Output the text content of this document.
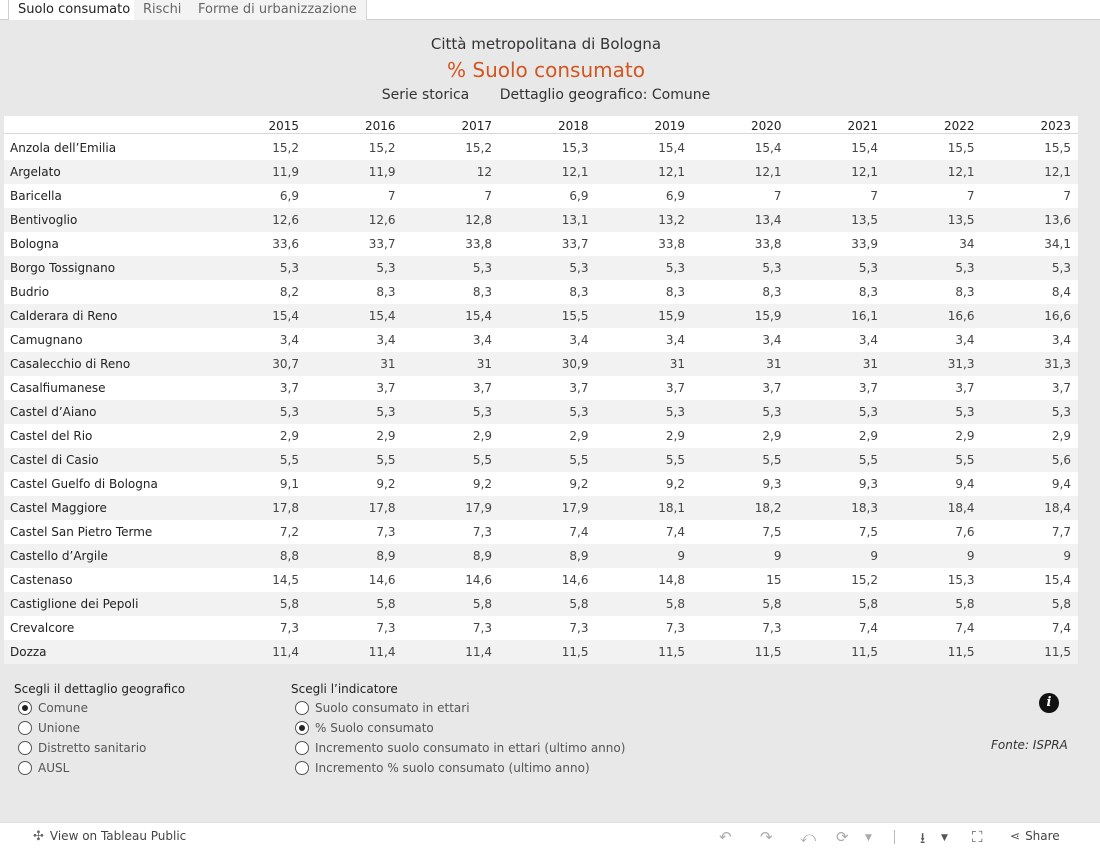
Suolo consumato Rischi	Forme di urbanizzazione
Città metropolitana di Bologna
% Suolo consumato
Serie storica Dettaglio geografico: Comune
2015	2016	2017	2018	2019	2020	2021	2022	2023
Anzola dell’Emilia	15,2	15,2	15,2	15,3	15,4	15,4	15,4	15,5	15,5
Argelato	11,9	11,9	12	12,1	12,1	12,1	12,1	12,1	12,1
Baricella	6,9	7	7	6,9	6,9	7	7	7	7
Bentivoglio	12,6	12,6	12,8	13,1	13,2	13,4	13,5	13,5	13,6
Bologna	33,6	33,7	33,8	33,7	33,8	33,8	33,9	34	34,1
Borgo Tossignano	5,3	5,3	5,3	5,3	5,3	5,3	5,3	5,3	5,3
Budrio	8,2	8,3	8,3	8,3	8,3	8,3	8,3	8,3	8,4
Calderara di Reno	15,4	15,4	15,4	15,5	15,9	15,9	16,1	16,6	16,6
Camugnano	3,4	3,4	3,4	3,4	3,4	3,4	3,4	3,4	3,4
Casalecchio di Reno	30,7	31	31	30,9	31	31	31	31,3	31,3
Casalfiumanese	3,7	3,7	3,7	3,7	3,7	3,7	3,7	3,7	3,7
Castel d’Aiano	5,3	5,3	5,3	5,3	5,3	5,3	5,3	5,3	5,3
Castel del Rio	2,9	2,9	2,9	2,9	2,9	2,9	2,9	2,9	2,9
Castel di Casio	5,5	5,5	5,5	5,5	5,5	5,5	5,5	5,5	5,6
Castel Guelfo di Bologna	9,1	9,2	9,2	9,2	9,2	9,3	9,3	9,4	9,4
Castel Maggiore	17,8	17,8	17,9	17,9	18,1	18,2	18,3	18,4	18,4
Castel San Pietro Terme	7,2	7,3	7,3	7,4	7,4	7,5	7,5	7,6	7,7
Castello d’Argile	8,8	8,9	8,9	8,9	9	9	9	9	9
Castenaso	14,5	14,6	14,6	14,6	14,8	15	15,2	15,3	15,4
Castiglione dei Pepoli	5,8	5,8	5,8	5,8	5,8	5,8	5,8	5,8	5,8
Crevalcore	7,3	7,3	7,3	7,3	7,3	7,3	7,4	7,4	7,4
Dozza	11,4	11,4	11,4	11,5	11,5	11,5	11,5	11,5	11,5
Scegli il dettaglio geografico
Comune
Unione
Distretto sanitario
AUSL
Scegli l’indicatore
Suolo consumato in ettari
% Suolo consumato
Incremento suolo consumato in ettari (ultimo anno)
Incremento % suolo consumato (ultimo anno)
i
Fonte: ISPRA
✣ View on Tableau Public	↶ ↷ ⤺ ⟳ ▼	⭳ ▼ ⛶ ⋖ Share
